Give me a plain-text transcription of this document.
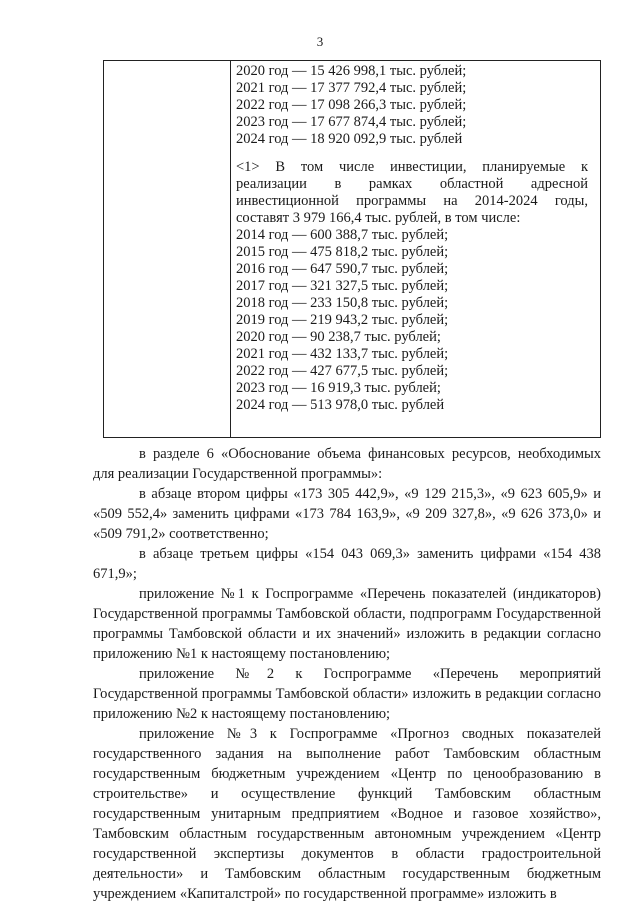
3
2020 год — 15 426 998,1 тыс. рублей;
2021 год — 17 377 792,4 тыс. рублей;
2022 год — 17 098 266,3 тыс. рублей;
2023 год — 17 677 874,4 тыс. рублей;
2024 год — 18 920 092,9 тыс. рублей
<1> В том числе инвестиции, планируемые к
реализации в рамках областной адресной
инвестиционной программы на 2014-2024 годы,
составят 3 979 166,4 тыс. рублей, в том числе:
2014 год — 600 388,7 тыс. рублей;
2015 год — 475 818,2 тыс. рублей;
2016 год — 647 590,7 тыс. рублей;
2017 год — 321 327,5 тыс. рублей;
2018 год — 233 150,8 тыс. рублей;
2019 год — 219 943,2 тыс. рублей;
2020 год — 90 238,7 тыс. рублей;
2021 год — 432 133,7 тыс. рублей;
2022 год — 427 677,5 тыс. рублей;
2023 год — 16 919,3 тыс. рублей;
2024 год — 513 978,0 тыс. рублей

в разделе 6 «Обоснование объема финансовых ресурсов, необходимых для реализации Государственной программы»:

в абзаце втором цифры «173 305 442,9», «9 129 215,3», «9 623 605,9» и «509 552,4» заменить цифрами «173 784 163,9», «9 209 327,8», «9 626 373,0» и «509 791,2» соответственно;

в абзаце третьем цифры «154 043 069,3» заменить цифрами «154 438 671,9»;

приложение №1 к Госпрограмме «Перечень показателей (индикаторов) Государственной программы Тамбовской области, подпрограмм Государственной программы Тамбовской области и их значений» изложить в редакции согласно приложению №1 к настоящему постановлению;

приложение №2 к Госпрограмме «Перечень мероприятий Государственной программы Тамбовской области» изложить в редакции согласно приложению №2 к настоящему постановлению;

приложение №3 к Госпрограмме «Прогноз сводных показателей государственного задания на выполнение работ Тамбовским областным государственным бюджетным учреждением «Центр по ценообразованию в строительстве» и осуществление функций Тамбовским областным государственным унитарным предприятием «Водное и газовое хозяйство», Тамбовским областным государственным автономным учреждением «Центр государственной экспертизы документов в области градостроительной деятельности» и Тамбовским областным государственным бюджетным учреждением «Капиталстрой» по государственной программе» изложить в
